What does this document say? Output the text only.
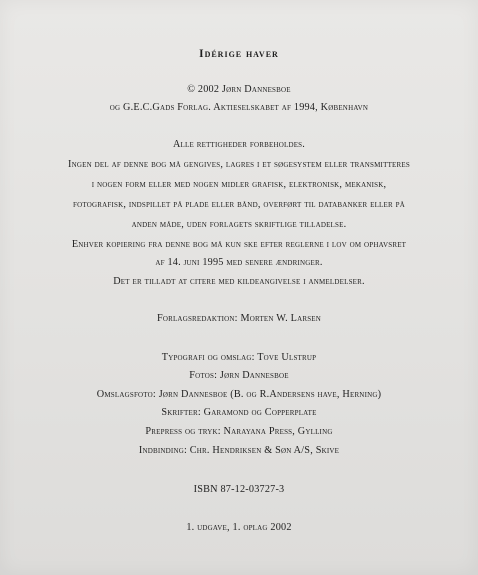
Idérige haver
© 2002 Jørn Dannesboe
og G.E.C.Gads Forlag. Aktieselskabet af 1994, København
Alle rettigheder forbeholdes.
Ingen del af denne bog må gengives, lagres i et søgesystem eller transmitteres
i nogen form eller med nogen midler grafisk, elektronisk, mekanisk,
fotografisk, indspillet på plade eller bånd, overført til databanker eller på
anden måde, uden forlagets skriftlige tilladelse.
Enhver kopiering fra denne bog må kun ske efter reglerne i lov om ophavsret
af 14. juni 1995 med senere ændringer.
Det er tilladt at citere med kildeangivelse i anmeldelser.
Forlagsredaktion: Morten W. Larsen
Typografi og omslag: Tove Ulstrup
Fotos: Jørn Dannesboe
Omslagsfoto: Jørn Dannesboe (B. og R.Andersens have, Herning)
Skrifter: Garamond og Copperplate
Prepress og tryk: Narayana Press, Gylling
Indbinding: Chr. Hendriksen & Søn A/S, Skive
ISBN 87-12-03727-3
1. udgave, 1. oplag 2002
